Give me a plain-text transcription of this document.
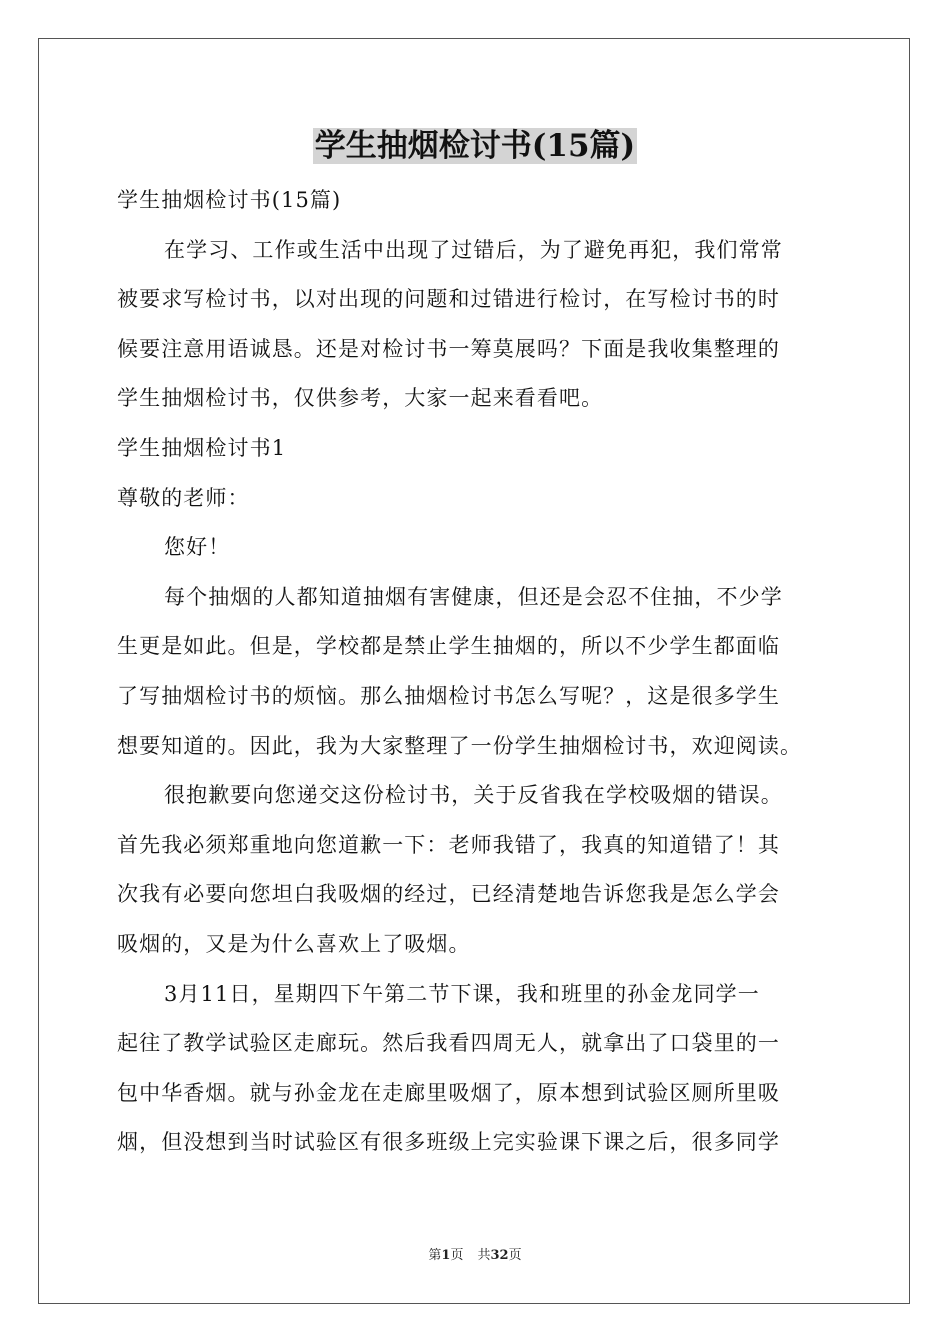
学生抽烟检讨书(15篇)

学生抽烟检讨书(15篇)

在学习、工作或生活中出现了过错后，为了避免再犯，我们常常

被要求写检讨书，以对出现的问题和过错进行检讨，在写检讨书的时

候要注意用语诚恳。还是对检讨书一筹莫展吗？下面是我收集整理的

学生抽烟检讨书，仅供参考，大家一起来看看吧。

学生抽烟检讨书1

尊敬的老师：

您好！

每个抽烟的人都知道抽烟有害健康，但还是会忍不住抽，不少学

生更是如此。但是，学校都是禁止学生抽烟的，所以不少学生都面临

了写抽烟检讨书的烦恼。那么抽烟检讨书怎么写呢？，这是很多学生

想要知道的。因此，我为大家整理了一份学生抽烟检讨书，欢迎阅读。

很抱歉要向您递交这份检讨书，关于反省我在学校吸烟的错误。

首先我必须郑重地向您道歉一下：老师我错了，我真的知道错了！其

次我有必要向您坦白我吸烟的经过，已经清楚地告诉您我是怎么学会

吸烟的，又是为什么喜欢上了吸烟。

3月11日，星期四下午第二节下课，我和班里的孙金龙同学一

起往了教学试验区走廊玩。然后我看四周无人，就拿出了口袋里的一

包中华香烟。就与孙金龙在走廊里吸烟了，原本想到试验区厕所里吸

烟，但没想到当时试验区有很多班级上完实验课下课之后，很多同学

第1页 共32页
